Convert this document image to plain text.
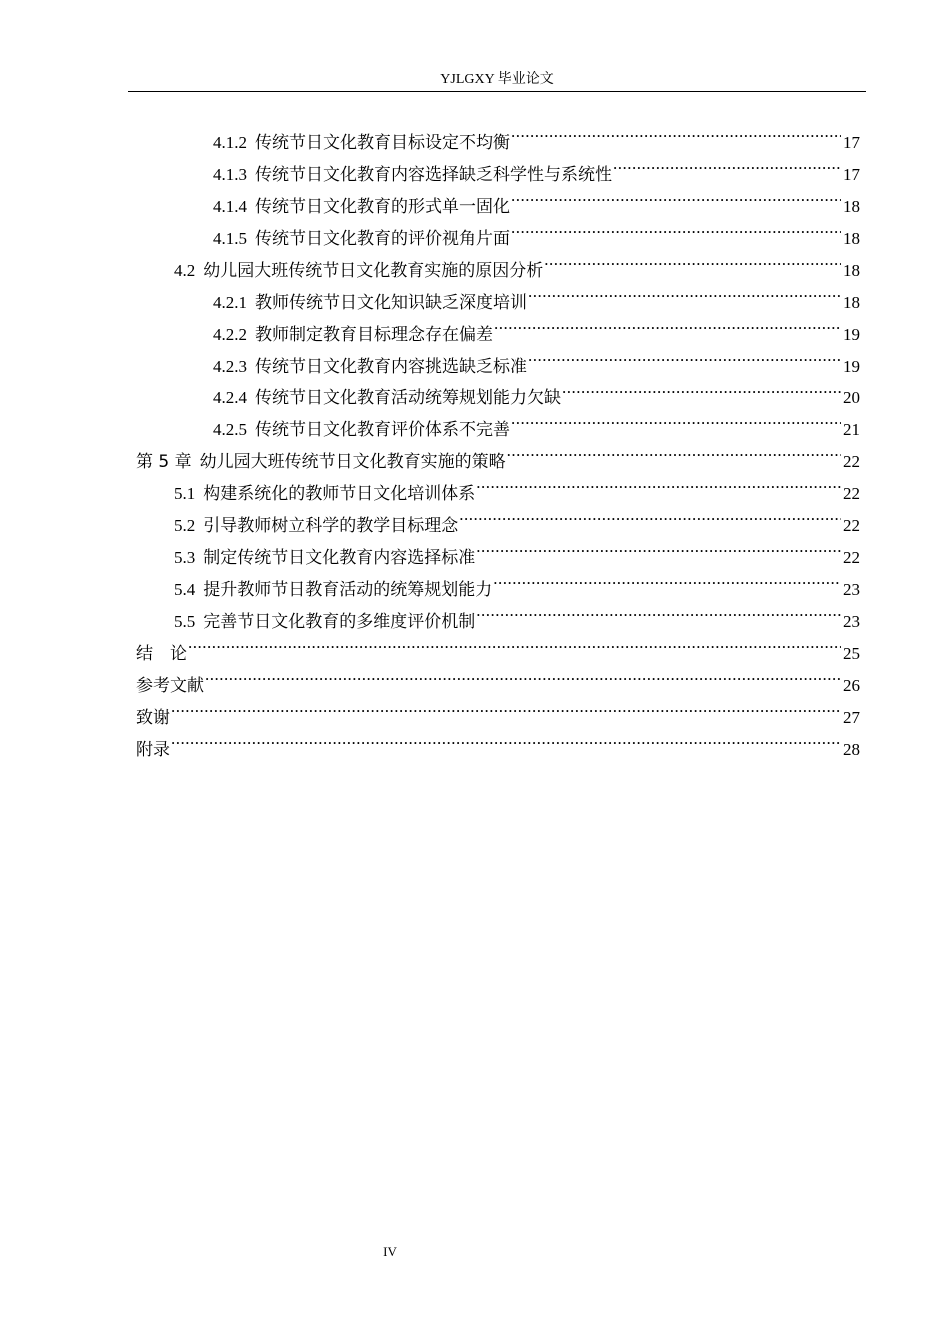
YJLGXY 毕业论文
4.1.2 传统节日文化教育目标设定不均衡 .....	17
4.1.3 传统节日文化教育内容选择缺乏科学性与系统性 .....	17
4.1.4 传统节日文化教育的形式单一固化 .....	18
4.1.5 传统节日文化教育的评价视角片面 .....	18
4.2 幼儿园大班传统节日文化教育实施的原因分析 .....	18
4.2.1 教师传统节日文化知识缺乏深度培训 .....	18
4.2.2 教师制定教育目标理念存在偏差 .....	19
4.2.3 传统节日文化教育内容挑选缺乏标准 .....	19
4.2.4 传统节日文化教育活动统筹规划能力欠缺 .....	20
4.2.5 传统节日文化教育评价体系不完善 .....	21
第 5 章 幼儿园大班传统节日文化教育实施的策略 .....	22
5.1 构建系统化的教师节日文化培训体系 .....	22
5.2 引导教师树立科学的教学目标理念 .....	22
5.3 制定传统节日文化教育内容选择标准 .....	22
5.4 提升教师节日教育活动的统筹规划能力 .....	23
5.5 完善节日文化教育的多维度评价机制 .....	23
结　论 .....	25
参考文献 .....	26
致谢 .....	27
附录 .....	28
IV
